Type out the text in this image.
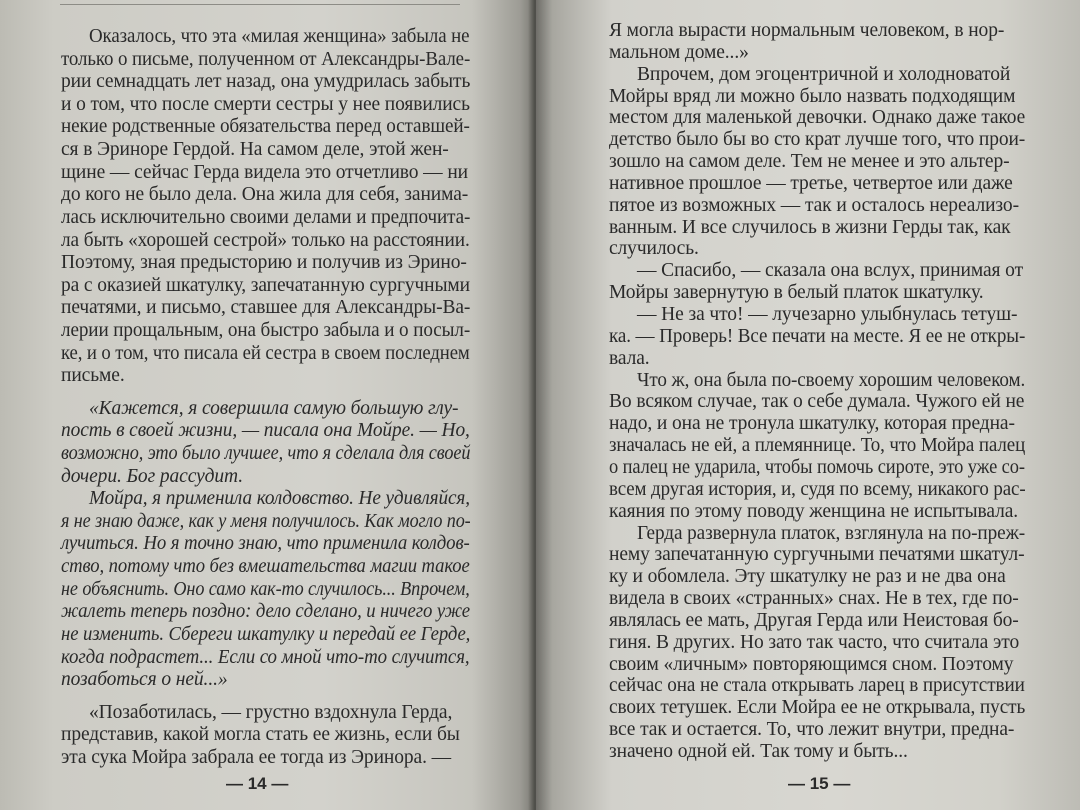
Оказалось, что эта «милая женщина» забыла не
только о письме, полученном от Александры-Вале-
рии семнадцать лет назад, она умудрилась забыть
и о том, что после смерти сестры у нее появились
некие родственные обязательства перед оставшей-
ся в Эриноре Гердой. На самом деле, этой жен-
щине — сейчас Герда видела это отчетливо — ни
до кого не было дела. Она жила для себя, занима-
лась исключительно своими делами и предпочита-
ла быть «хорошей сестрой» только на расстоянии.
Поэтому, зная предысторию и получив из Эрино-
ра с оказией шкатулку, запечатанную сургучными
печатями, и письмо, ставшее для Александры-Ва-
лерии прощальным, она быстро забыла и о посыл-
ке, и о том, что писала ей сестра в своем последнем
письме.
«Кажется, я совершила самую большую глу-
пость в своей жизни, — писала она Мойре. — Но,
возможно, это было лучшее, что я сделала для своей
дочери. Бог рассудит.
Мойра, я применила колдовство. Не удивляйся,
я не знаю даже, как у меня получилось. Как могло по-
лучиться. Но я точно знаю, что применила колдов-
ство, потому что без вмешательства магии такое
не объяснить. Оно само как-то случилось... Впрочем,
жалеть теперь поздно: дело сделано, и ничего уже
не изменить. Сбереги шкатулку и передай ее Герде,
когда подрастет... Если со мной что-то случится,
позаботься о ней...»
«Позаботилась, — грустно вздохнула Герда,
представив, какой могла стать ее жизнь, если бы
эта сука Мойра забрала ее тогда из Эринора. —
— 14 —
Я могла вырасти нормальным человеком, в нор-
мальном доме...»
Впрочем, дом эгоцентричной и холодноватой
Мойры вряд ли можно было назвать подходящим
местом для маленькой девочки. Однако даже такое
детство было бы во сто крат лучше того, что прои-
зошло на самом деле. Тем не менее и это альтер-
нативное прошлое — третье, четвертое или даже
пятое из возможных — так и осталось нереализо-
ванным. И все случилось в жизни Герды так, как
случилось.
— Спасибо, — сказала она вслух, принимая от
Мойры завернутую в белый платок шкатулку.
— Не за что! — лучезарно улыбнулась тетуш-
ка. — Проверь! Все печати на месте. Я ее не откры-
вала.
Что ж, она была по-своему хорошим человеком.
Во всяком случае, так о себе думала. Чужого ей не
надо, и она не тронула шкатулку, которая предна-
значалась не ей, а племяннице. То, что Мойра палец
о палец не ударила, чтобы помочь сироте, это уже со-
всем другая история, и, судя по всему, никакого рас-
каяния по этому поводу женщина не испытывала.
Герда развернула платок, взглянула на по-преж-
нему запечатанную сургучными печатями шкатул-
ку и обомлела. Эту шкатулку не раз и не два она
видела в своих «странных» снах. Не в тех, где по-
являлась ее мать, Другая Герда или Неистовая бо-
гиня. В других. Но зато так часто, что считала это
своим «личным» повторяющимся сном. Поэтому
сейчас она не стала открывать ларец в присутствии
своих тетушек. Если Мойра ее не открывала, пусть
все так и остается. То, что лежит внутри, предна-
значено одной ей. Так тому и быть...
— 15 —
